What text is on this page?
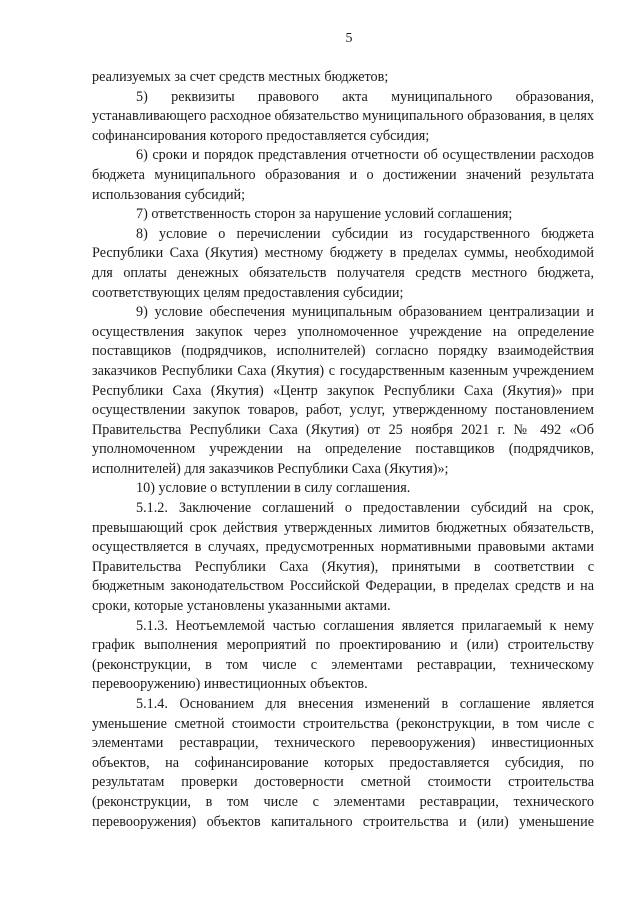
5

реализуемых за счет средств местных бюджетов;

5) реквизиты правового акта муниципального образования, устанавливающего расходное обязательство муниципального образования, в целях софинансирования которого предоставляется субсидия;

6) сроки и порядок представления отчетности об осуществлении расходов бюджета муниципального образования и о достижении значений результата использования субсидий;

7) ответственность сторон за нарушение условий соглашения;

8) условие о перечислении субсидии из государственного бюджета Республики Саха (Якутия) местному бюджету в пределах суммы, необходимой для оплаты денежных обязательств получателя средств местного бюджета, соответствующих целям предоставления субсидии;

9) условие обеспечения муниципальным образованием централизации и осуществления закупок через уполномоченное учреждение на определение поставщиков (подрядчиков, исполнителей) согласно порядку взаимодействия заказчиков Республики Саха (Якутия) с государственным казенным учреждением Республики Саха (Якутия) «Центр закупок Республики Саха (Якутия)» при осуществлении закупок товаров, работ, услуг, утвержденному постановлением Правительства Республики Саха (Якутия) от 25 ноября 2021 г. № 492 «Об уполномоченном учреждении на определение поставщиков (подрядчиков, исполнителей) для заказчиков Республики Саха (Якутия)»;

10) условие о вступлении в силу соглашения.

5.1.2. Заключение соглашений о предоставлении субсидий на срок, превышающий срок действия утвержденных лимитов бюджетных обязательств, осуществляется в случаях, предусмотренных нормативными правовыми актами Правительства Республики Саха (Якутия), принятыми в соответствии с бюджетным законодательством Российской Федерации, в пределах средств и на сроки, которые установлены указанными актами.

5.1.3. Неотъемлемой частью соглашения является прилагаемый к нему график выполнения мероприятий по проектированию и (или) строительству (реконструкции, в том числе с элементами реставрации, техническому перевооружению) инвестиционных объектов.

5.1.4. Основанием для внесения изменений в соглашение является уменьшение сметной стоимости строительства (реконструкции, в том числе с элементами реставрации, технического перевооружения) инвестиционных объектов, на софинансирование которых предоставляется субсидия, по результатам проверки достоверности сметной стоимости строительства (реконструкции, в том числе с элементами реставрации, технического перевооружения) объектов капитального строительства и (или) уменьшение
